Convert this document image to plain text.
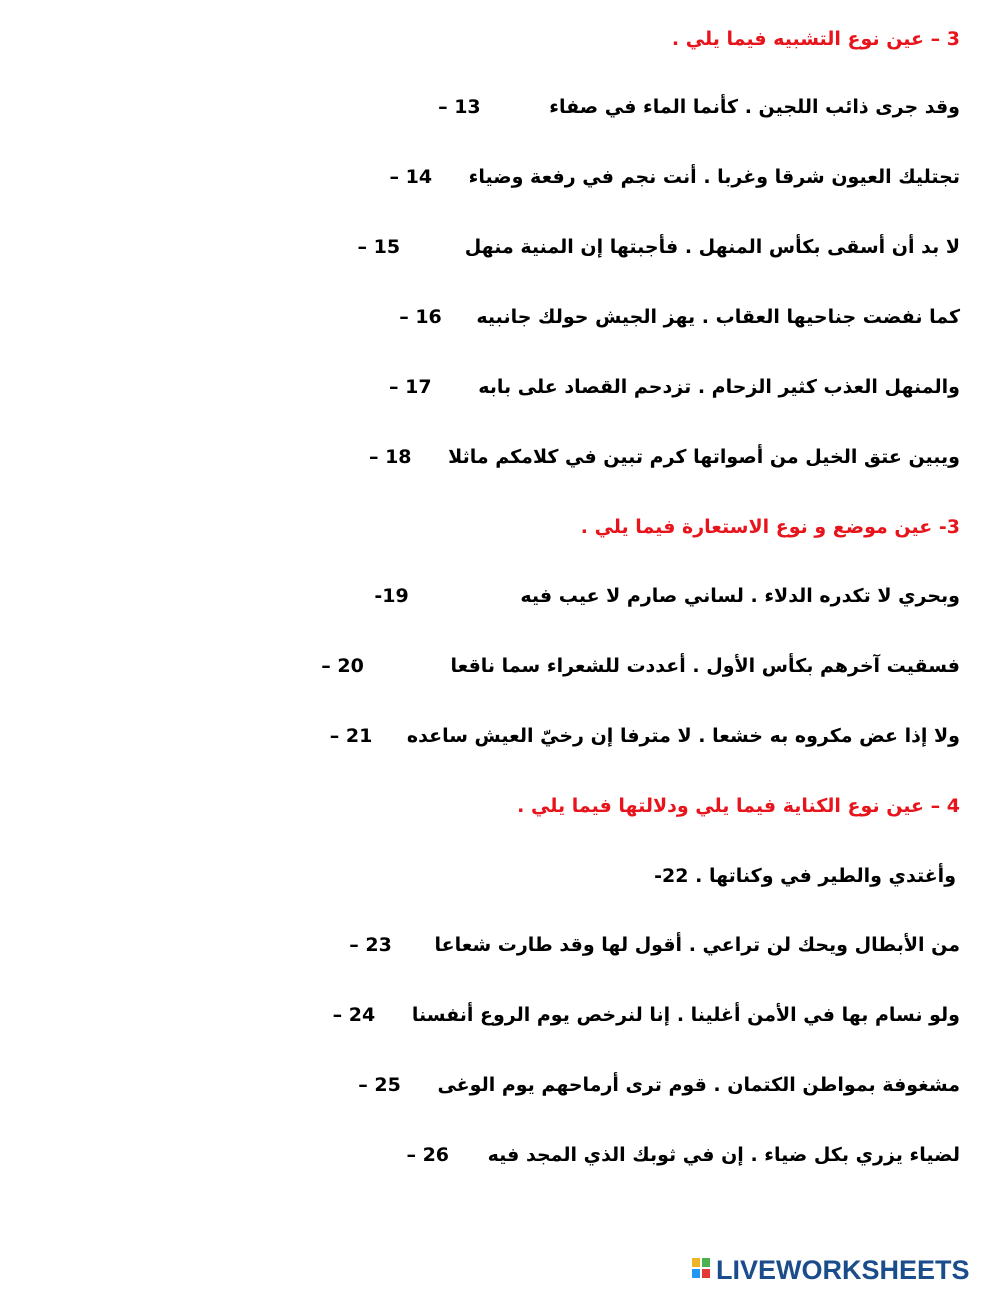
3 – عين نوع التشبيه فيما يلي .
13 –	كأنما الماء في صفاء وقد جرى ذائب اللجين .
14 – أنت نجم في رفعة وضياء تجتليك العيون شرقا وغربا .
15 –	فأجبتها إن المنية منهل لا بد أن أسقى بكأس المنهل .
16 – يهز الجيش حولك جانبيه كما نفضت جناحيها العقاب .
17 – تزدحم القصاد على بابه والمنهل العذب كثير الزحام .
18 – كرم تبين في كلامكم ماثلا ويبين عتق الخيل من أصواتها
3- عين موضع و نوع الاستعارة فيما يلي .
19-	لساني صارم لا عيب فيه وبحري لا تكدره الدلاء .
20 –	أعددت للشعراء سما ناقعا فسقيت آخرهم بكأس الأول .
21 – لا مترفا إن رخيّ العيش ساعده ولا إذا عض مكروه به خشعا .
4 – عين نوع الكناية فيما يلي ودلالتها فيما يلي .
22- وأغتدي والطير في وكناتها .
23 – أقول لها وقد طارت شعاعا من الأبطال ويحك لن تراعي .
24 – إنا لنرخص يوم الروع أنفسنا ولو نسام بها في الأمن أغلينا .
25 – قوم ترى أرماحهم يوم الوغى مشغوفة بمواطن الكتمان .
26 – إن في ثوبك الذي المجد فيه لضياء يزري بكل ضياء .
LIVEWORKSHEETS
